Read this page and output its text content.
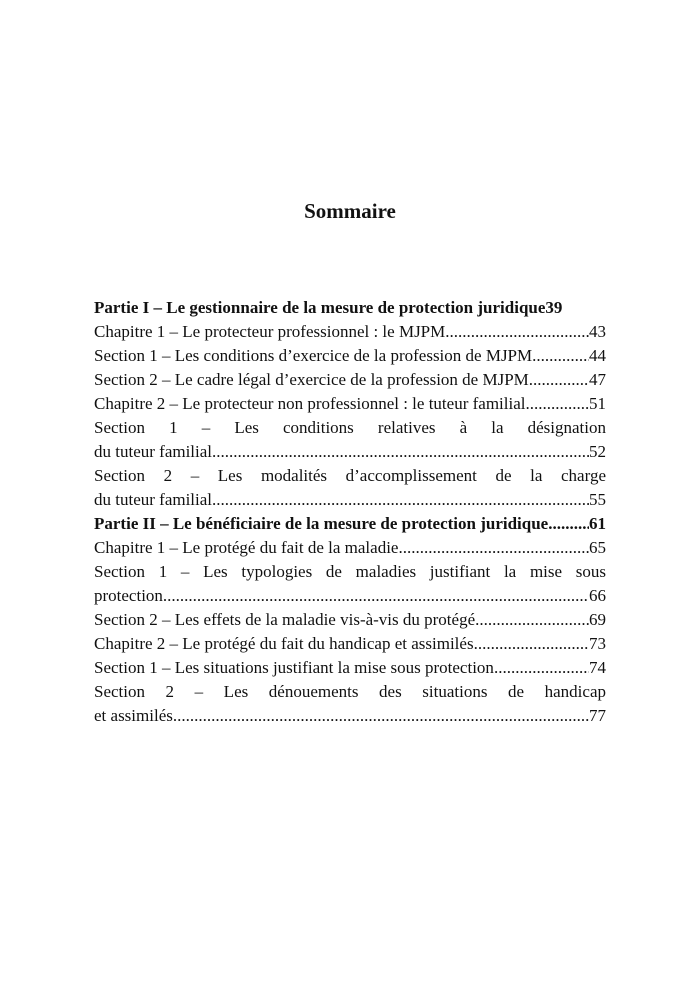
Sommaire
Partie I – Le gestionnaire de la mesure de protection juridique 39
Chapitre 1 – Le protecteur professionnel : le MJPM .....	43
Section 1 – Les conditions d’exercice de la profession de MJPM .....	44
Section 2 – Le cadre légal d’exercice de la profession de MJPM .....	47
Chapitre 2 – Le protecteur non professionnel : le tuteur familial .....	51
Section 1 – Les conditions relatives à la désignation
du tuteur familial .....	52
Section 2 – Les modalités d’accomplissement de la charge
du tuteur familial .....	55
Partie II – Le bénéficiaire de la mesure de protection juridique ..... 61
Chapitre 1 – Le protégé du fait de la maladie .....	65
Section 1 – Les typologies de maladies justifiant la mise sous
protection .....	66
Section 2 – Les effets de la maladie vis-à-vis du protégé .....	69
Chapitre 2 – Le protégé du fait du handicap et assimilés .....	73
Section 1 – Les situations justifiant la mise sous protection .....	74
Section 2 – Les dénouements des situations de handicap
et assimilés .....	77
